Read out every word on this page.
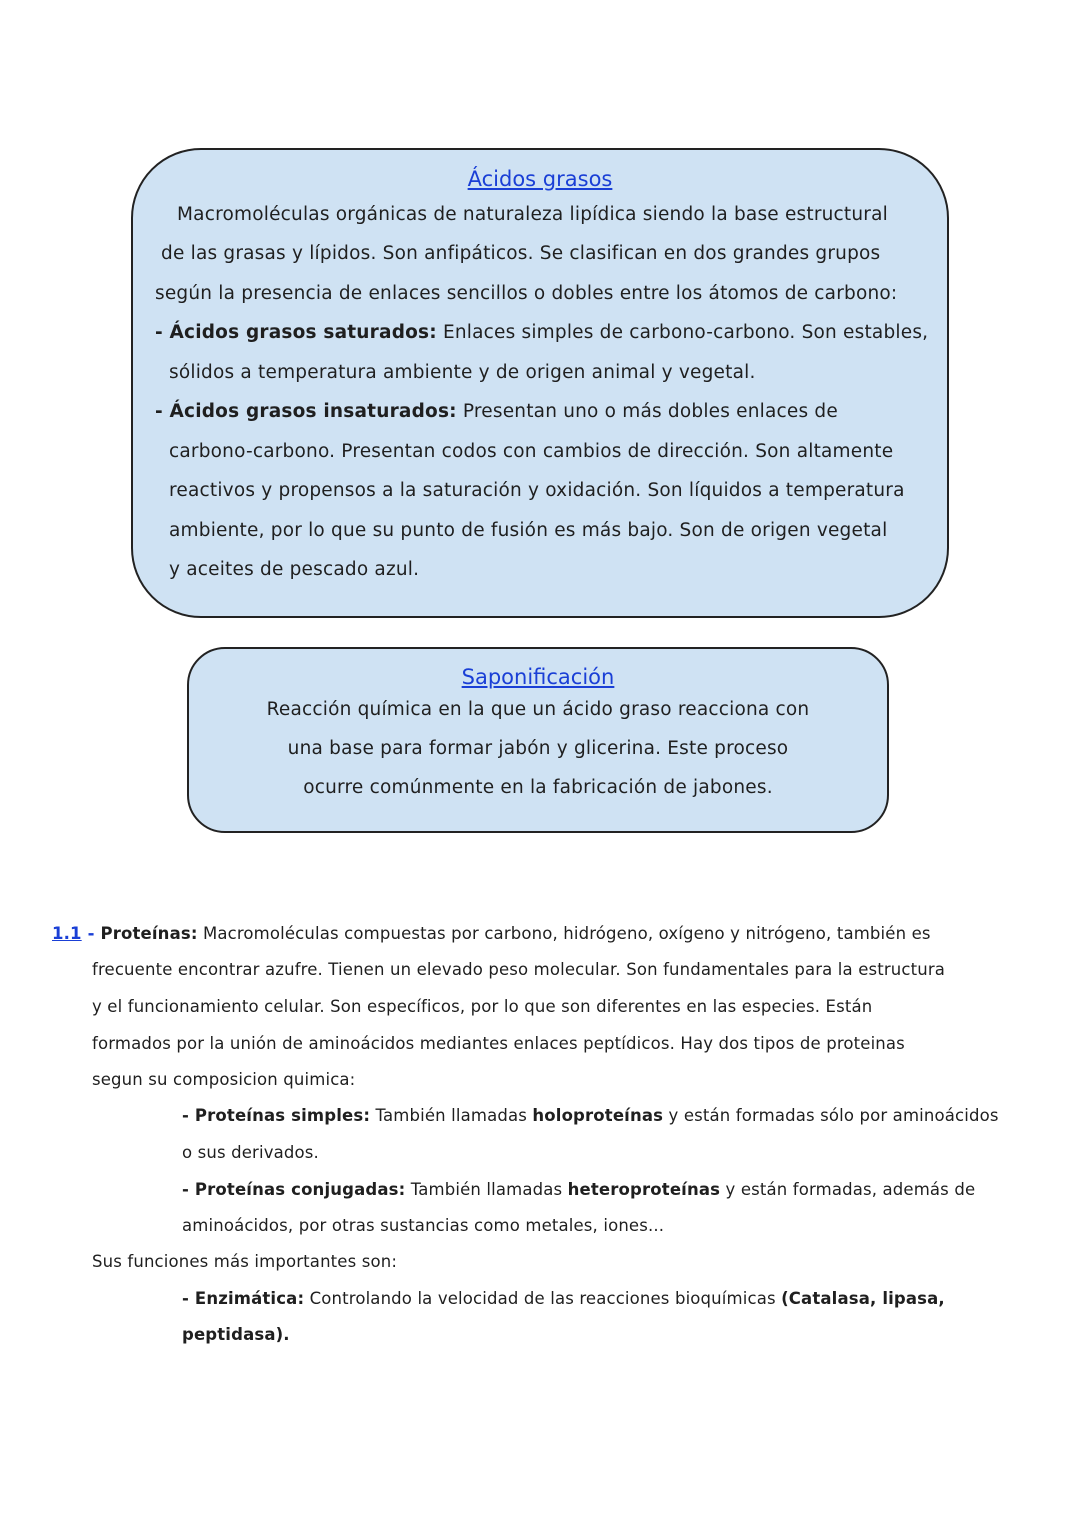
Ácidos grasos
Macromoléculas orgánicas de naturaleza lipídica siendo la base estructural
de las grasas y lípidos. Son anfipáticos. Se clasifican en dos grandes grupos
según la presencia de enlaces sencillos o dobles entre los átomos de carbono:
- Ácidos grasos saturados: Enlaces simples de carbono-carbono. Son estables,
sólidos a temperatura ambiente y de origen animal y vegetal.
- Ácidos grasos insaturados: Presentan uno o más dobles enlaces de
carbono-carbono. Presentan codos con cambios de dirección. Son altamente
reactivos y propensos a la saturación y oxidación. Son líquidos a temperatura
ambiente, por lo que su punto de fusión es más bajo. Son de origen vegetal
y aceites de pescado azul.
Saponificación
Reacción química en la que un ácido graso reacciona con
una base para formar jabón y glicerina. Este proceso
ocurre comúnmente en la fabricación de jabones.
1.1 - Proteínas: Macromoléculas compuestas por carbono, hidrógeno, oxígeno y nitrógeno, también es
frecuente encontrar azufre. Tienen un elevado peso molecular. Son fundamentales para la estructura
y el funcionamiento celular. Son específicos, por lo que son diferentes en las especies. Están
formados por la unión de aminoácidos mediantes enlaces peptídicos. Hay dos tipos de proteinas
segun su composicion quimica:
- Proteínas simples: También llamadas holoproteínas y están formadas sólo por aminoácidos
o sus derivados.
- Proteínas conjugadas: También llamadas heteroproteínas y están formadas, además de
aminoácidos, por otras sustancias como metales, iones...
Sus funciones más importantes son:
- Enzimática: Controlando la velocidad de las reacciones bioquímicas (Catalasa, lipasa,
peptidasa).
